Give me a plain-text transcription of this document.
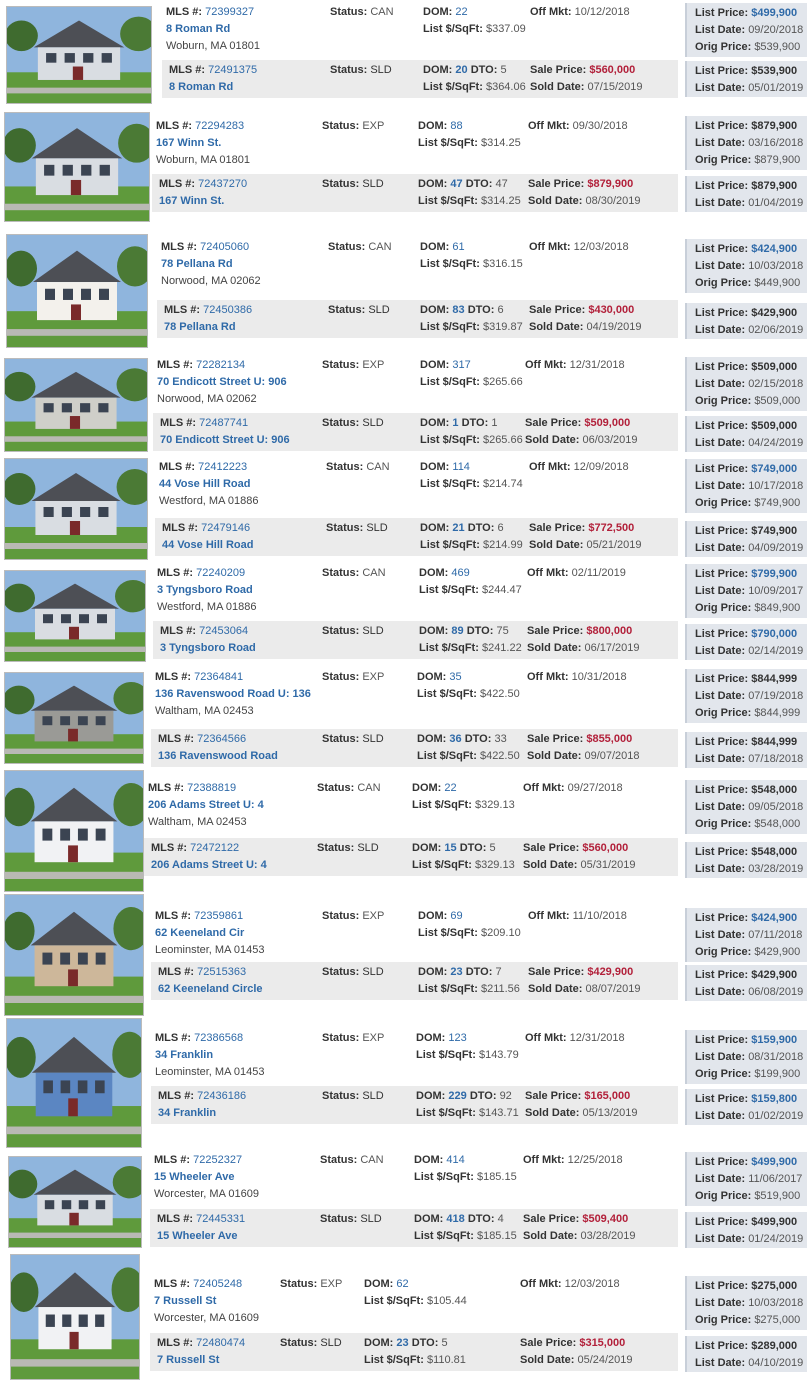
MLS #: 72399327	Status: CAN	DOM: 22	Off Mkt: 10/12/2018
8 Roman Rd	List $/SqFt: $337.09
Woburn, MA 01801
MLS #: 72491375	Status: SLD	DOM: 20 DTO: 5 Sale Price: $560,000
8 Roman Rd	List $/SqFt: $364.06 Sold Date: 07/15/2019
List Price: $499,900
List Date: 09/20/2018
Orig Price: $539,900
List Price: $539,900
List Date: 05/01/2019
MLS #: 72294283	Status: EXP	DOM: 88	Off Mkt: 09/30/2018
167 Winn St.	List $/SqFt: $314.25
Woburn, MA 01801
MLS #: 72437270	Status: SLD	DOM: 47 DTO: 47 Sale Price: $879,900
167 Winn St.	List $/SqFt: $314.25 Sold Date: 08/30/2019
List Price: $879,900
List Date: 03/16/2018
Orig Price: $879,900
List Price: $879,900
List Date: 01/04/2019
MLS #: 72405060	Status: CAN	DOM: 61	Off Mkt: 12/03/2018
78 Pellana Rd	List $/SqFt: $316.15
Norwood, MA 02062
MLS #: 72450386	Status: SLD	DOM: 83 DTO: 6 Sale Price: $430,000
78 Pellana Rd	List $/SqFt: $319.87 Sold Date: 04/19/2019
List Price: $424,900
List Date: 10/03/2018
Orig Price: $449,900
List Price: $429,900
List Date: 02/06/2019
MLS #: 72282134	Status: EXP	DOM: 317	Off Mkt: 12/31/2018
70 Endicott Street U: 906	List $/SqFt: $265.66
Norwood, MA 02062
MLS #: 72487741	Status: SLD	DOM: 1 DTO: 1	Sale Price: $509,000
70 Endicott Street U: 906	List $/SqFt: $265.66 Sold Date: 06/03/2019
List Price: $509,000
List Date: 02/15/2018
Orig Price: $509,000
List Price: $509,000
List Date: 04/24/2019
MLS #: 72412223	Status: CAN	DOM: 114	Off Mkt: 12/09/2018
44 Vose Hill Road	List $/SqFt: $214.74
Westford, MA 01886
MLS #: 72479146	Status: SLD	DOM: 21 DTO: 6 Sale Price: $772,500
44 Vose Hill Road	List $/SqFt: $214.99 Sold Date: 05/21/2019
List Price: $749,000
List Date: 10/17/2018
Orig Price: $749,900
List Price: $749,900
List Date: 04/09/2019
MLS #: 72240209	Status: CAN	DOM: 469	Off Mkt: 02/11/2019
3 Tyngsboro Road	List $/SqFt: $244.47
Westford, MA 01886
MLS #: 72453064	Status: SLD	DOM: 89 DTO: 75 Sale Price: $800,000
3 Tyngsboro Road	List $/SqFt: $241.22 Sold Date: 06/17/2019
List Price: $799,900
List Date: 10/09/2017
Orig Price: $849,900
List Price: $790,000
List Date: 02/14/2019
MLS #: 72364841	Status: EXP	DOM: 35	Off Mkt: 10/31/2018
136 Ravenswood Road U: 136	List $/SqFt: $422.50
Waltham, MA 02453
MLS #: 72364566	Status: SLD	DOM: 36 DTO: 33 Sale Price: $855,000
136 Ravenswood Road	List $/SqFt: $422.50 Sold Date: 09/07/2018
List Price: $844,999
List Date: 07/19/2018
Orig Price: $844,999
List Price: $844,999
List Date: 07/18/2018
MLS #: 72388819	Status: CAN	DOM: 22	Off Mkt: 09/27/2018
206 Adams Street U: 4	List $/SqFt: $329.13
Waltham, MA 02453
MLS #: 72472122	Status: SLD	DOM: 15 DTO: 5 Sale Price: $560,000
206 Adams Street U: 4	List $/SqFt: $329.13 Sold Date: 05/31/2019
List Price: $548,000
List Date: 09/05/2018
Orig Price: $548,000
List Price: $548,000
List Date: 03/28/2019
MLS #: 72359861	Status: EXP	DOM: 69	Off Mkt: 11/10/2018
62 Keeneland Cir	List $/SqFt: $209.10
Leominster, MA 01453
MLS #: 72515363	Status: SLD	DOM: 23 DTO: 7 Sale Price: $429,900
62 Keeneland Circle	List $/SqFt: $211.56 Sold Date: 08/07/2019
List Price: $424,900
List Date: 07/11/2018
Orig Price: $429,900
List Price: $429,900
List Date: 06/08/2019
MLS #: 72386568	Status: EXP	DOM: 123	Off Mkt: 12/31/2018
34 Franklin	List $/SqFt: $143.79
Leominster, MA 01453
MLS #: 72436186	Status: SLD	DOM: 229 DTO: 92 Sale Price: $165,000
34 Franklin	List $/SqFt: $143.71 Sold Date: 05/13/2019
List Price: $159,900
List Date: 08/31/2018
Orig Price: $199,900
List Price: $159,800
List Date: 01/02/2019
MLS #: 72252327	Status: CAN	DOM: 414	Off Mkt: 12/25/2018
15 Wheeler Ave	List $/SqFt: $185.15
Worcester, MA 01609
MLS #: 72445331	Status: SLD	DOM: 418 DTO: 4 Sale Price: $509,400
15 Wheeler Ave	List $/SqFt: $185.15 Sold Date: 03/28/2019
List Price: $499,900
List Date: 11/06/2017
Orig Price: $519,900
List Price: $499,900
List Date: 01/24/2019
MLS #: 72405248	Status: EXP DOM: 62	Off Mkt: 12/03/2018
7 Russell St	List $/SqFt: $105.44
Worcester, MA 01609
MLS #: 72480474	Status: SLD DOM: 23 DTO: 5	Sale Price: $315,000
7 Russell St	List $/SqFt: $110.81	Sold Date: 05/24/2019
List Price: $275,000
List Date: 10/03/2018
Orig Price: $275,000
List Price: $289,000
List Date: 04/10/2019
